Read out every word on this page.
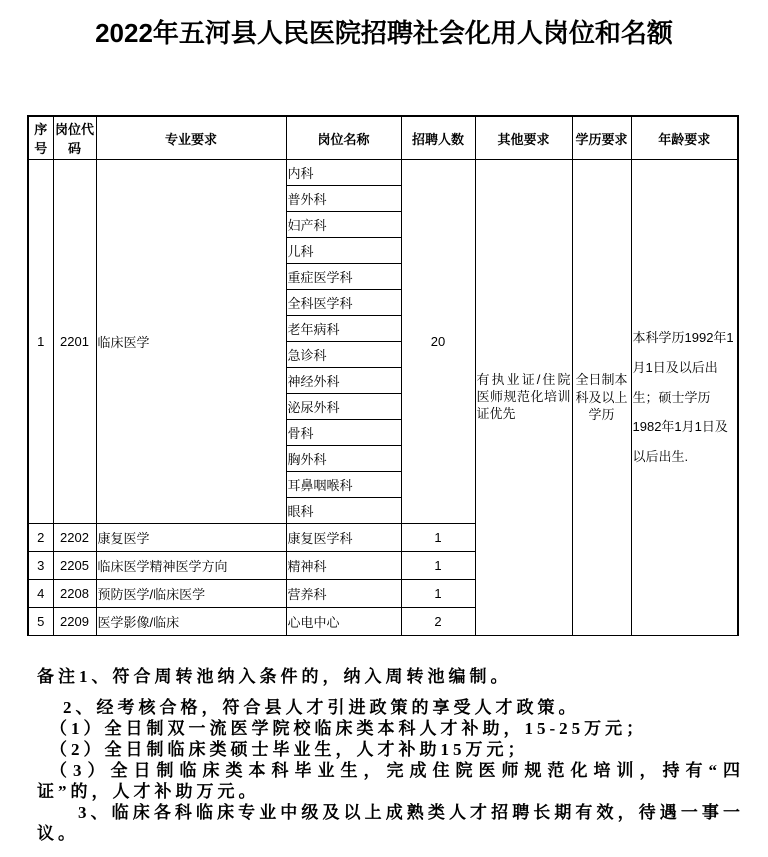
2022年五河县人民医院招聘社会化用人岗位和名额
序号	岗位代码	专业要求	岗位名称	招聘人数	其他要求	学历要求	年龄要求
1	2201	临床医学	内科	20	有执业证/住院医师规范化培训证优先	全日制本科及以上学历	本科学历1992年1月1日及以后出生；硕士学历1982年1月1日及以后出生.
			普外科				
			妇产科				
			儿科				
			重症医学科				
			全科医学科				
			老年病科				
			急诊科				
			神经外科				
			泌尿外科				
			骨科				
			胸外科				
			耳鼻咽喉科				
			眼科				
2	2202	康复医学	康复医学科	1			
3	2205	临床医学精神医学方向	精神科	1			
4	2208	预防医学/临床医学	营养科	1			
5	2209	医学影像/临床	心电中心	2			

备注1、符合周转池纳入条件的，纳入周转池编制。

2、经考核合格，符合县人才引进政策的享受人才政策。

（1）全日制双一流医学院校临床类本科人才补助，15-25万元；

（2）全日制临床类硕士毕业生，人才补助15万元；

（3）全日制临床类本科毕业生，完成住院医师规范化培训，持有“四证”的，人才补助万元。

3、临床各科临床专业中级及以上成熟类人才招聘长期有效，待遇一事一议。
